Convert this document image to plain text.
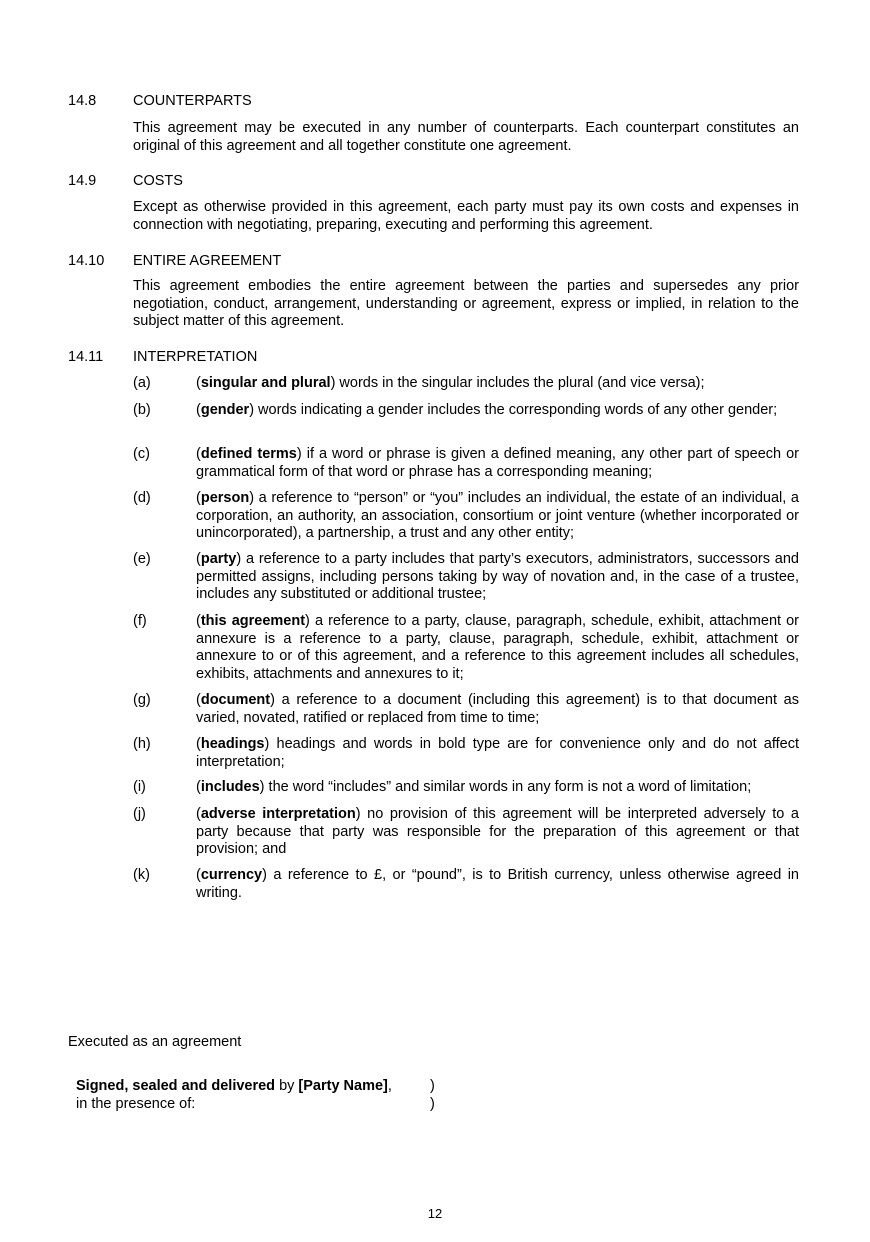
14.8	COUNTERPARTS
This agreement may be executed in any number of counterparts. Each counterpart constitutes an original of this agreement and all together constitute one agreement.
14.9	COSTS
Except as otherwise provided in this agreement, each party must pay its own costs and expenses in connection with negotiating, preparing, executing and performing this agreement.
14.10 ENTIRE AGREEMENT
This agreement embodies the entire agreement between the parties and supersedes any prior negotiation, conduct, arrangement, understanding or agreement, express or implied, in relation to the subject matter of this agreement.
14.11 INTERPRETATION
(a)	(singular and plural) words in the singular includes the plural (and vice versa);
(b)	(gender) words indicating a gender includes the corresponding words of any other gender;
(c)	(defined terms) if a word or phrase is given a defined meaning, any other part of speech or grammatical form of that word or phrase has a corresponding meaning;
(d)	(person) a reference to “person” or “you” includes an individual, the estate of an individual, a corporation, an authority, an association, consortium or joint venture (whether incorporated or unincorporated), a partnership, a trust and any other entity;
(e)	(party) a reference to a party includes that party’s executors, administrators, successors and permitted assigns, including persons taking by way of novation and, in the case of a trustee, includes any substituted or additional trustee;
(f)	(this agreement) a reference to a party, clause, paragraph, schedule, exhibit, attachment or annexure is a reference to a party, clause, paragraph, schedule, exhibit, attachment or annexure to or of this agreement, and a reference to this agreement includes all schedules, exhibits, attachments and annexures to it;
(g)	(document) a reference to a document (including this agreement) is to that document as varied, novated, ratified or replaced from time to time;
(h)	(headings) headings and words in bold type are for convenience only and do not affect interpretation;
(i)	(includes) the word “includes” and similar words in any form is not a word of limitation;
(j)	(adverse interpretation) no provision of this agreement will be interpreted adversely to a party because that party was responsible for the preparation of this agreement or that provision; and
(k)	(currency) a reference to £, or “pound”, is to British currency, unless otherwise agreed in writing.
Executed as an agreement
Signed, sealed and delivered by [Party Name],
in the presence of:
)
)
12
